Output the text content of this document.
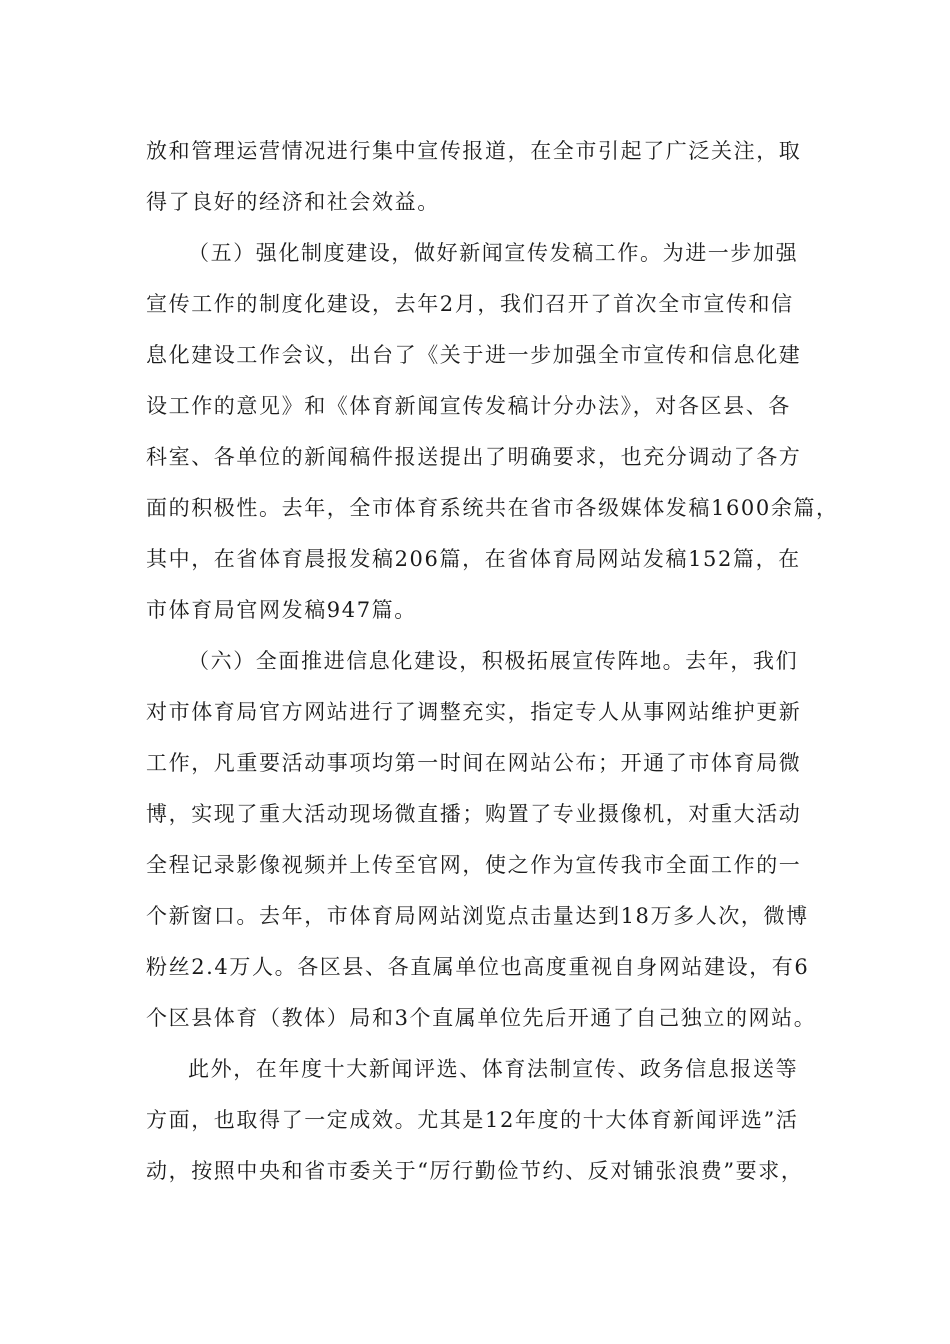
放和管理运营情况进行集中宣传报道，在全市引起了广泛关注，取
得了良好的经济和社会效益。
（五）强化制度建设，做好新闻宣传发稿工作。为进一步加强
宣传工作的制度化建设，去年2月，我们召开了首次全市宣传和信
息化建设工作会议，出台了《关于进一步加强全市宣传和信息化建
设工作的意见》和《体育新闻宣传发稿计分办法》，对各区县、各
科室、各单位的新闻稿件报送提出了明确要求，也充分调动了各方
面的积极性。去年，全市体育系统共在省市各级媒体发稿1600余篇，
其中，在省体育晨报发稿206篇，在省体育局网站发稿152篇，在
市体育局官网发稿947篇。
（六）全面推进信息化建设，积极拓展宣传阵地。去年，我们
对市体育局官方网站进行了调整充实，指定专人从事网站维护更新
工作，凡重要活动事项均第一时间在网站公布；开通了市体育局微
博，实现了重大活动现场微直播；购置了专业摄像机，对重大活动
全程记录影像视频并上传至官网，使之作为宣传我市全面工作的一
个新窗口。去年，市体育局网站浏览点击量达到18万多人次，微博
粉丝2.4万人。各区县、各直属单位也高度重视自身网站建设，有6
个区县体育（教体）局和3个直属单位先后开通了自己独立的网站。
此外，在年度十大新闻评选、体育法制宣传、政务信息报送等
方面，也取得了一定成效。尤其是12年度的十大体育新闻评选”活
动，按照中央和省市委关于“厉行勤俭节约、反对铺张浪费”要求，
